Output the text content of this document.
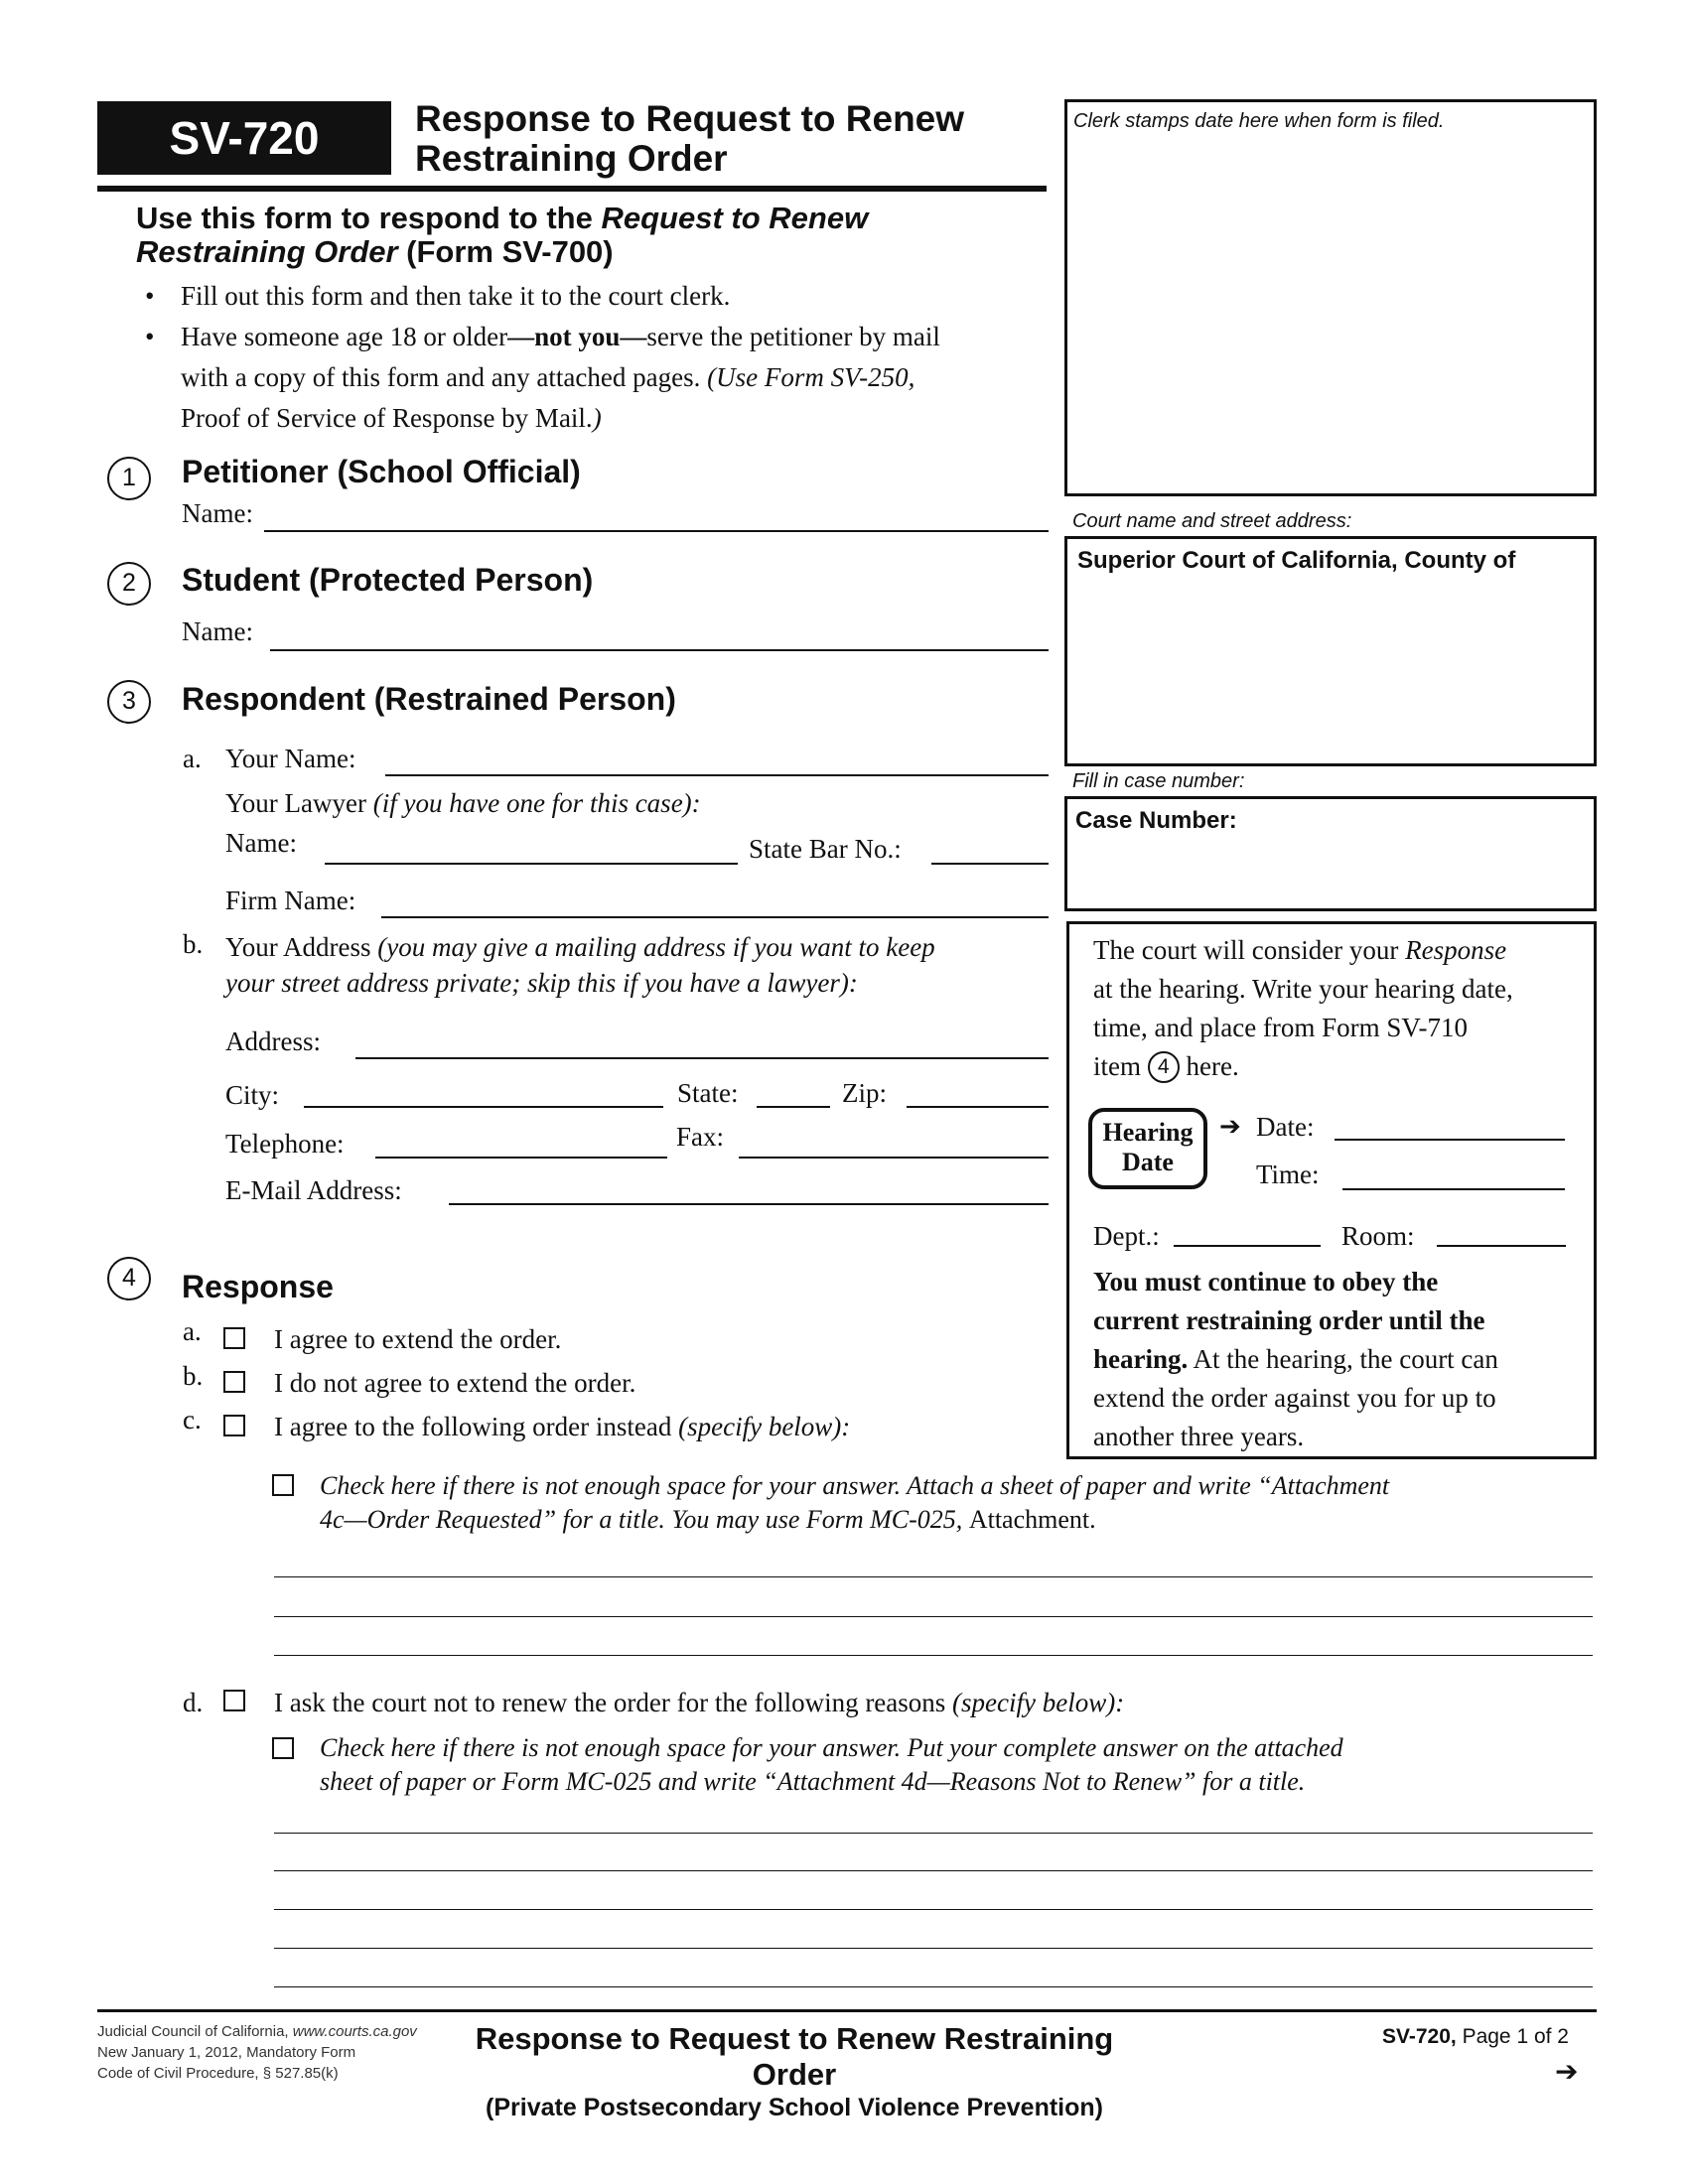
SV-720	Response to Request to Renew
Restraining Order
Clerk stamps date here when form is filed.
Court name and street address:
Superior Court of California, County of
Fill in case number:
Case Number:
Use this form to respond to the Request to Renew
Restraining Order (Form SV-700)
• Fill out this form and then take it to the court clerk.
• Have someone age 18 or older—not you—serve the petitioner by mail
with a copy of this form and any attached pages. (Use Form SV-250,
Proof of Service of Response by Mail.)
1	Petitioner (School Official)
Name:
2	Student (Protected Person)
Name:
3	Respondent (Restrained Person)
a. Your Name:
Your Lawyer (if you have one for this case):
Name:	State Bar No.:
Firm Name:
b. Your Address (you may give a mailing address if you want to keep
your street address private; skip this if you have a lawyer):
Address:
City:	State:	Zip:
Telephone:	Fax:
E-Mail Address:
The court will consider your Response
at the hearing. Write your hearing date,
time, and place from Form SV-710
item 4 here.
Hearing
Date
➔ Date:
Time:
Dept.:	Room:
You must continue to obey the
current restraining order until the
hearing. At the hearing, the court can
extend the order against you for up to
another three years.
4	Response
a.	I agree to extend the order.
b.	I do not agree to extend the order.
c.	I agree to the following order instead (specify below):
Check here if there is not enough space for your answer. Attach a sheet of paper and write “Attachment
4c—Order Requested” for a title. You may use Form MC-025, Attachment.
d.	I ask the court not to renew the order for the following reasons (specify below):
Check here if there is not enough space for your answer. Put your complete answer on the attached
sheet of paper or Form MC-025 and write “Attachment 4d—Reasons Not to Renew” for a title.
Judicial Council of California, www.courts.ca.gov
New January 1, 2012, Mandatory Form
Code of Civil Procedure, § 527.85(k)
Response to Request to Renew Restraining Order
(Private Postsecondary School Violence Prevention)
SV-720, Page 1 of 2
➔
